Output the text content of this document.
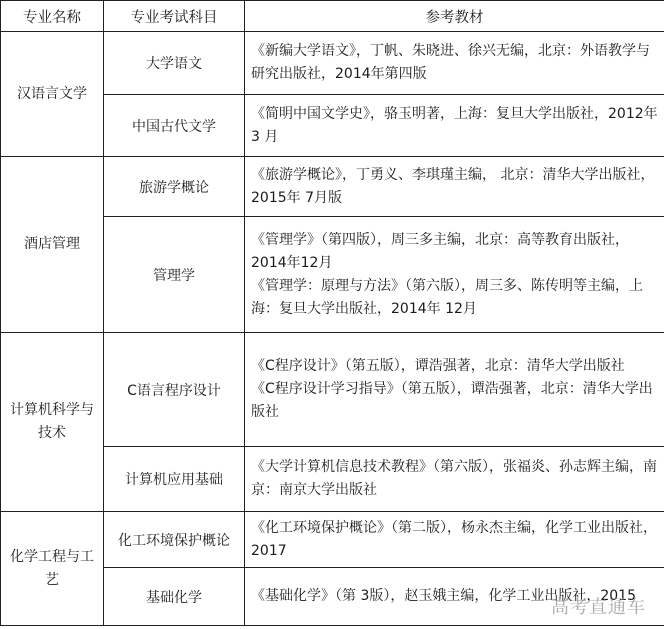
专业名称	专业考试科目	参考教材
汉语言文学	大学语文	《新编大学语文》，丁帆、朱晓进、徐兴无编，北京：外语教学与研究出版社，2014年第四版

	中国古代文学	《简明中国文学史》，骆玉明著，上海：复旦大学出版社，2012年 3 月

酒店管理	旅游学概论	《旅游学概论》，丁勇义、李琪瑾主编， 北京：清华大学出版社，2015年 7月版

	管理学	《管理学》（第四版），周三多主编，北京：高等教育出版社，2014年12月
《管理学：原理与方法》（第六版），周三多、陈传明等主编，上海：复旦大学出版社，2014年 12月

计算机科学与技术	C语言程序设计	《C程序设计》（第五版），谭浩强著，北京：清华大学出版社
《C程序设计学习指导》（第五版），谭浩强著，北京：清华大学出版社

	计算机应用基础	《大学计算机信息技术教程》（第六版），张福炎、孙志辉主编，南京：南京大学出版社

化学工程与工艺	化工环境保护概论	《化工环境保护概论》（第二版），杨永杰主编，化学工业出版社，2017

	基础化学	《基础化学》（第 3版），赵玉娥主编，化学工业出版社，2015
高考直通车
